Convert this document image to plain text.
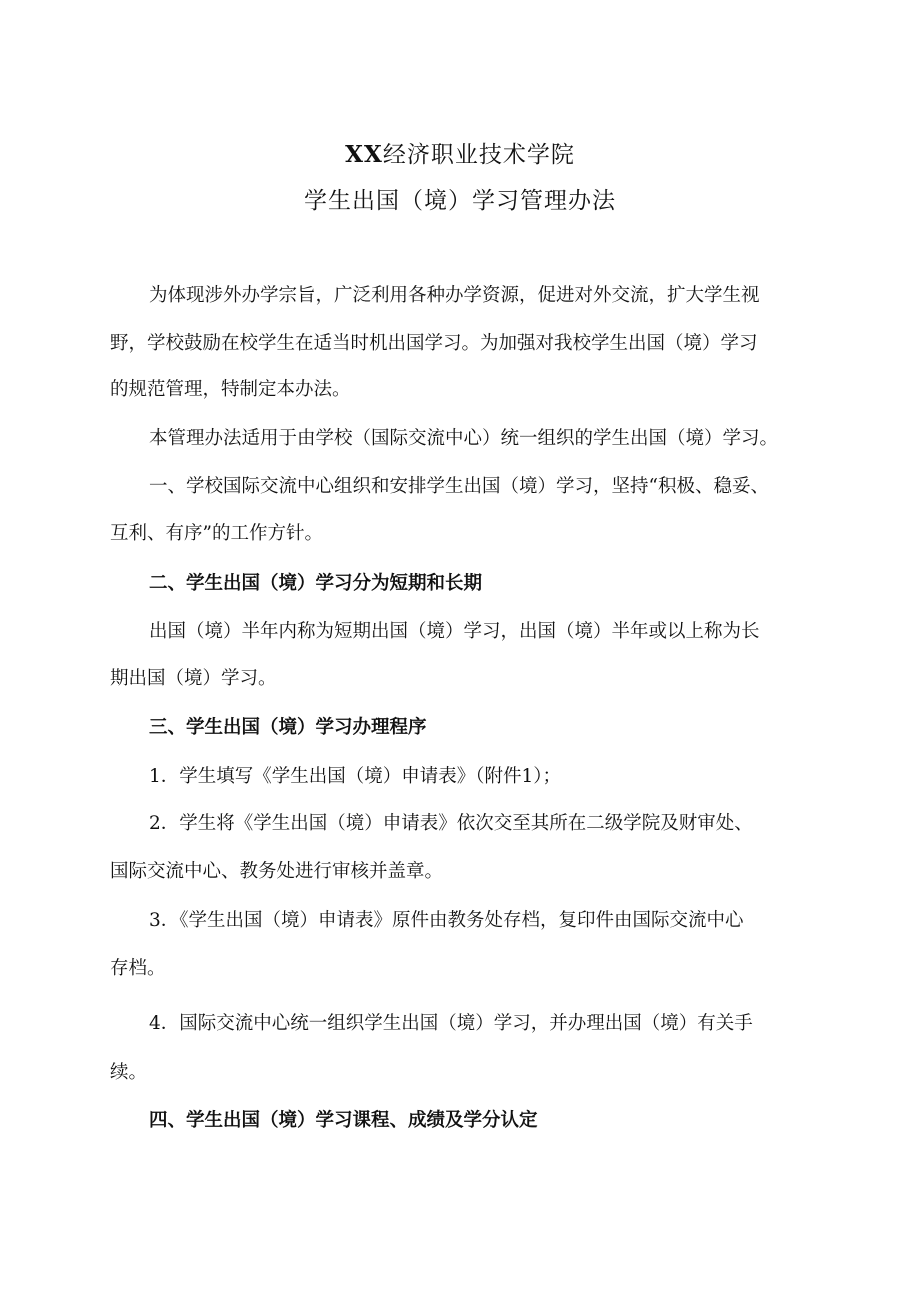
XX经济职业技术学院
学生出国（境）学习管理办法
为体现涉外办学宗旨，广泛利用各种办学资源，促进对外交流，扩大学生视
野，学校鼓励在校学生在适当时机出国学习。为加强对我校学生出国（境）学习
的规范管理，特制定本办法。
本管理办法适用于由学校（国际交流中心）统一组织的学生出国（境）学习。
一、学校国际交流中心组织和安排学生出国（境）学习，坚持“积极、稳妥、
互利、有序”的工作方针。
二、学生出国（境）学习分为短期和长期
出国（境）半年内称为短期出国（境）学习，出国（境）半年或以上称为长
期出国（境）学习。
三、学生出国（境）学习办理程序
1．学生填写《学生出国（境）申请表》（附件1）；
2．学生将《学生出国（境）申请表》依次交至其所在二级学院及财审处、
国际交流中心、教务处进行审核并盖章。
3．《学生出国（境）申请表》原件由教务处存档，复印件由国际交流中心
存档。
4．国际交流中心统一组织学生出国（境）学习，并办理出国（境）有关手
续。
四、学生出国（境）学习课程、成绩及学分认定
